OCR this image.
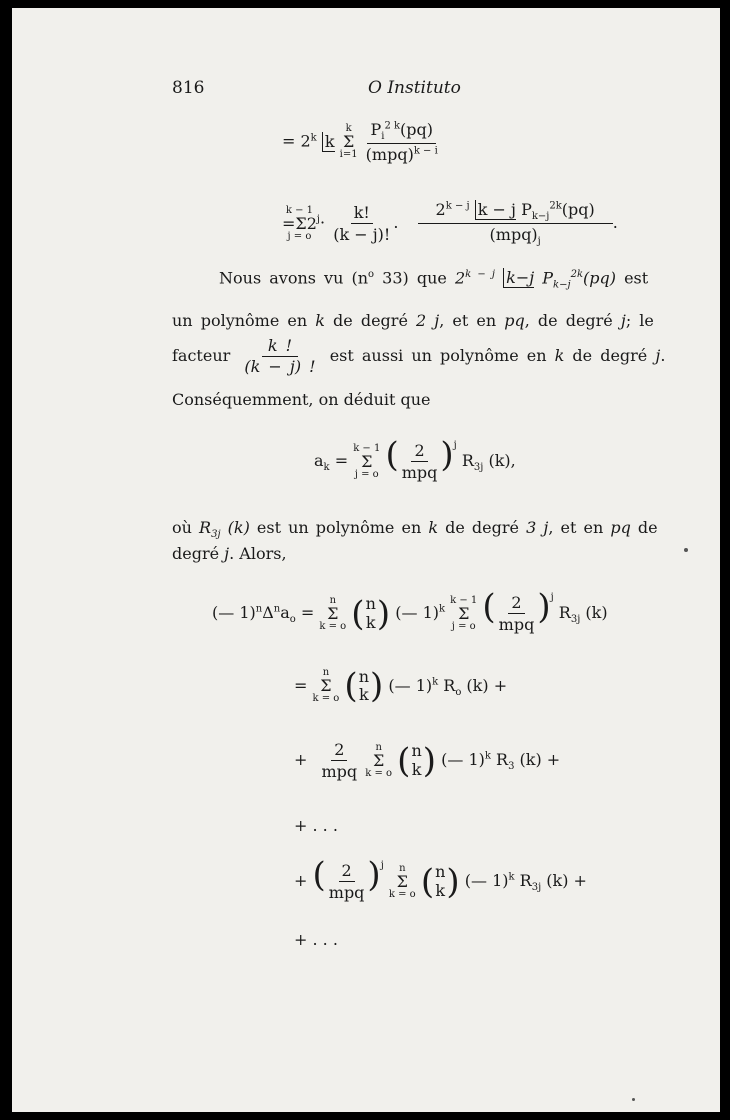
816	O Instituto
= $2^k$ k
k
Σ
i=1
$\frac{P_i^{2 k}(pq)}{(mpq)^{k - i}}$
k − 1
=Σ2
j = o
$^j\cdot \frac{k!}{(k - j)!}$ . $\frac{2^{k - j} k - j P_{k-j}^{2k}(pq)}{(mpq)_j}$ .
Nous avons vu ($n^o$ 33) que $2^{k - j}$ k−j $P_{k-j}^{2k}(pq)$ est
un polynôme en k de degré 2 j, et en pq, de degré j; le
facteur $\frac{k !}{(k - j) !}$ est aussi un polynôme en k de degré j.
Conséquemment, on déduit que
$a_k$ =
k − 1
Σ
j = o ( $\frac{2}{\text{mpq}} )^j$ $R_{3j}$ (k),
où $R_{3j}$ (k) est un polynôme en k de degré 3 j, et en pq de
degré j. Alors,
(— $1)^n\Delta^na_o$ =
n
Σ
k = o
( n
k ) (— 1)$^k$
k − 1
Σ
j = o ( $\frac{2}{\text{mpq}} )^j$ $R_{3j}$ (k)
=
n
Σ
k = o
( n
k ) (— 1)$^k$ $R_o$ (k) +
+ $\frac{2}{\text{mpq}}$
n
Σ
k = o
( n
k ) (— 1)$^k$ $R_3$ (k) +
+ . . .
+ ( $\frac{2}{\text{mpq}} )^j$ n
Σ
k = o
( n
k ) (— 1)$^k$ $R_{3j}$ (k) +
+ . . .
